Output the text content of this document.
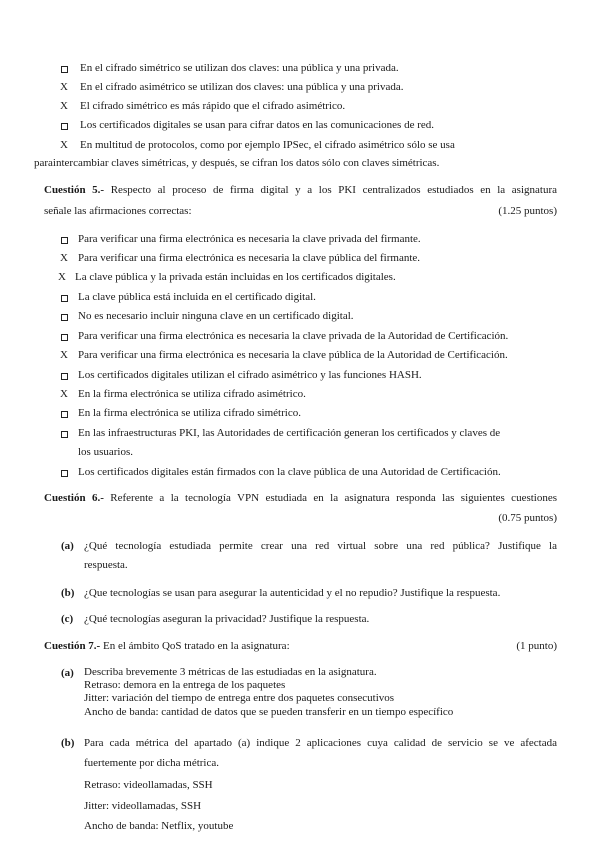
En el cifrado simétrico se utilizan dos claves: una pública y una privada.
X En el cifrado asimétrico se utilizan dos claves: una pública y una privada.
X El cifrado simétrico es más rápido que el cifrado asimétrico.
Los certificados digitales se usan para cifrar datos en las comunicaciones de red.
X En multitud de protocolos, como por ejemplo IPSec, el cifrado asimétrico sólo se usa
paraintercambiar claves simétricas, y después, se cifran los datos sólo con claves simétricas.
Cuestión 5.- Respecto al proceso de firma digital y a los PKI centralizados estudiados en la asignatura
señale las afirmaciones correctas:	(1.25 puntos)
Para verificar una firma electrónica es necesaria la clave privada del firmante.
X Para verificar una firma electrónica es necesaria la clave pública del firmante.
X La clave pública y la privada están incluidas en los certificados digitales.
La clave pública está incluida en el certificado digital.
No es necesario incluir ninguna clave en un certificado digital.
Para verificar una firma electrónica es necesaria la clave privada de la Autoridad de Certificación.
X Para verificar una firma electrónica es necesaria la clave pública de la Autoridad de Certificación.
Los certificados digitales utilizan el cifrado asimétrico y las funciones HASH.
X En la firma electrónica se utiliza cifrado asimétrico.
En la firma electrónica se utiliza cifrado simétrico.
En las infraestructuras PKI, las Autoridades de certificación generan los certificados y claves de
los usuarios.
Los certificados digitales están firmados con la clave pública de una Autoridad de Certificación.
Cuestión 6.- Referente a la tecnología VPN estudiada en la asignatura responda las siguientes cuestiones
(0.75 puntos)
(a) ¿Qué tecnología estudiada permite crear una red virtual sobre una red pública? Justifique la
respuesta.
(b) ¿Que tecnologías se usan para asegurar la autenticidad y el no repudio? Justifique la respuesta.
(c) ¿Qué tecnologías aseguran la privacidad? Justifique la respuesta.
Cuestión 7.- En el ámbito QoS tratado en la asignatura:	(1 punto)
(a) Describa brevemente 3 métricas de las estudiadas en la asignatura.
Retraso: demora en la entrega de los paquetes
Jitter: variación del tiempo de entrega entre dos paquetes consecutivos
Ancho de banda: cantidad de datos que se pueden transferir en un tiempo específico
(b) Para cada métrica del apartado (a) indique 2 aplicaciones cuya calidad de servicio se ve afectada
fuertemente por dicha métrica.
Retraso: videollamadas, SSH
Jitter: videollamadas, SSH
Ancho de banda: Netflix, youtube
